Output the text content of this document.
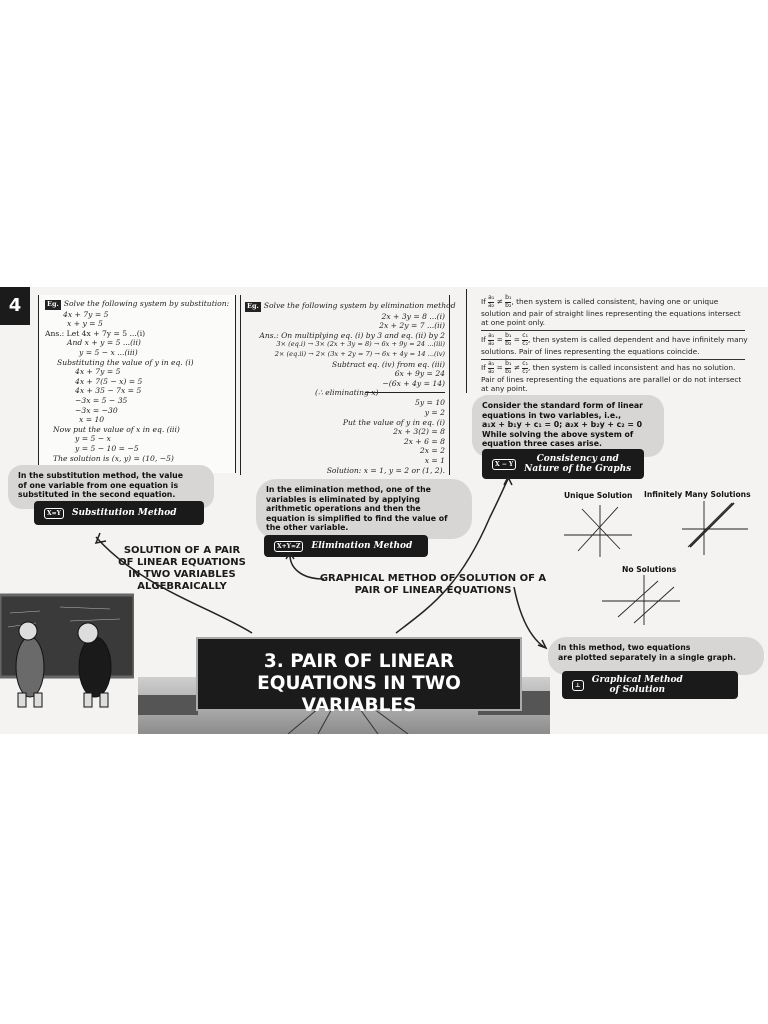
4	Eg. Solve the following system by substitution:
4x + 7y = 5
x + y = 5
Ans.: Let 4x + 7y = 5 ...(i)
And x + y = 5 ...(ii)
y = 5 − x ...(iii)
Substituting the value of y in eq. (i)
4x + 7y = 5
4x + 7(5 − x) = 5
4x + 35 − 7x = 5
−3x = 5 − 35
−3x = −30
x = 10
Now put the value of x in eq. (iii)
y = 5 − x
y = 5 − 10 = −5
The solution is (x, y) = (10, −5)
Eg. Solve the following system by elimination method
2x + 3y = 8 ...(i)
2x + 2y = 7 ...(ii)
Ans.: On multiplying eq. (i) by 3 and eq. (ii) by 2
3× (eq.i) → 3× (2x + 3y = 8) → 6x + 9y = 24 ...(iii)
2× (eq.ii) → 2× (3x + 2y = 7) → 6x + 4y = 14 ...(iv)
Subtract eq. (iv) from eq. (iii)
6x + 9y = 24
−(6x + 4y = 14)
(∴ eliminating x)
5y = 10
y = 2
Put the value of y in eq. (i)
2x + 3(2) = 8
2x + 6 = 8
2x = 2
x = 1
Solution: x = 1, y = 2 or (1, 2).
If $\frac{\text{a₁}}{\text{a₂}} \ne \frac{\text{b₁}}{\text{b₂}}$ , then system is called consistent, having one or unique solution and pair of straight lines representing the equations intersect at one point only.
If $\frac{\text{a₁}}{\text{a₂}} = \frac{\text{b₁}}{\text{b₂}} = \frac{\text{c₁}}{\text{c₂}}$ , then system is called dependent and have infinitely many solutions. Pair of lines representing the equations coincide.
If $\frac{\text{a₁}}{\text{a₂}} = \frac{\text{b₁}}{\text{b₂}} \ne \frac{\text{c₁}}{\text{c₂}}$ , then system is called inconsistent and has no solution. Pair of lines representing the equations are parallel or do not intersect at any point.
Consider the standard form of linear
equations in two variables, i.e.,
a₁x + b₁y + c₁ = 0; a₂x + b₂y + c₂ = 0
While solving the above system of
equation three cases arise.
X − Y	Consistency and
Nature of the Graphs
In the substitution method, the value
of one variable from one equation is
substituted in the second equation.
X=Y	Substitution Method
In the elimination method, one of the
variables is eliminated by applying
arithmetic operations and then the
equation is simplified to find the value of
the other variable.
X+Y=Z	Elimination Method
SOLUTION OF A PAIR
OF LINEAR EQUATIONS
IN TWO VARIABLES
ALGEBRAICALLY
GRAPHICAL METHOD OF SOLUTION OF A
PAIR OF LINEAR EQUATIONS
Unique Solution Infinitely Many Solutions
No Solutions
In this method, two equations
are plotted separately in a single graph.
⊥	Graphical Method
of Solution
3. PAIR OF LINEAR
EQUATIONS IN TWO VARIABLES
